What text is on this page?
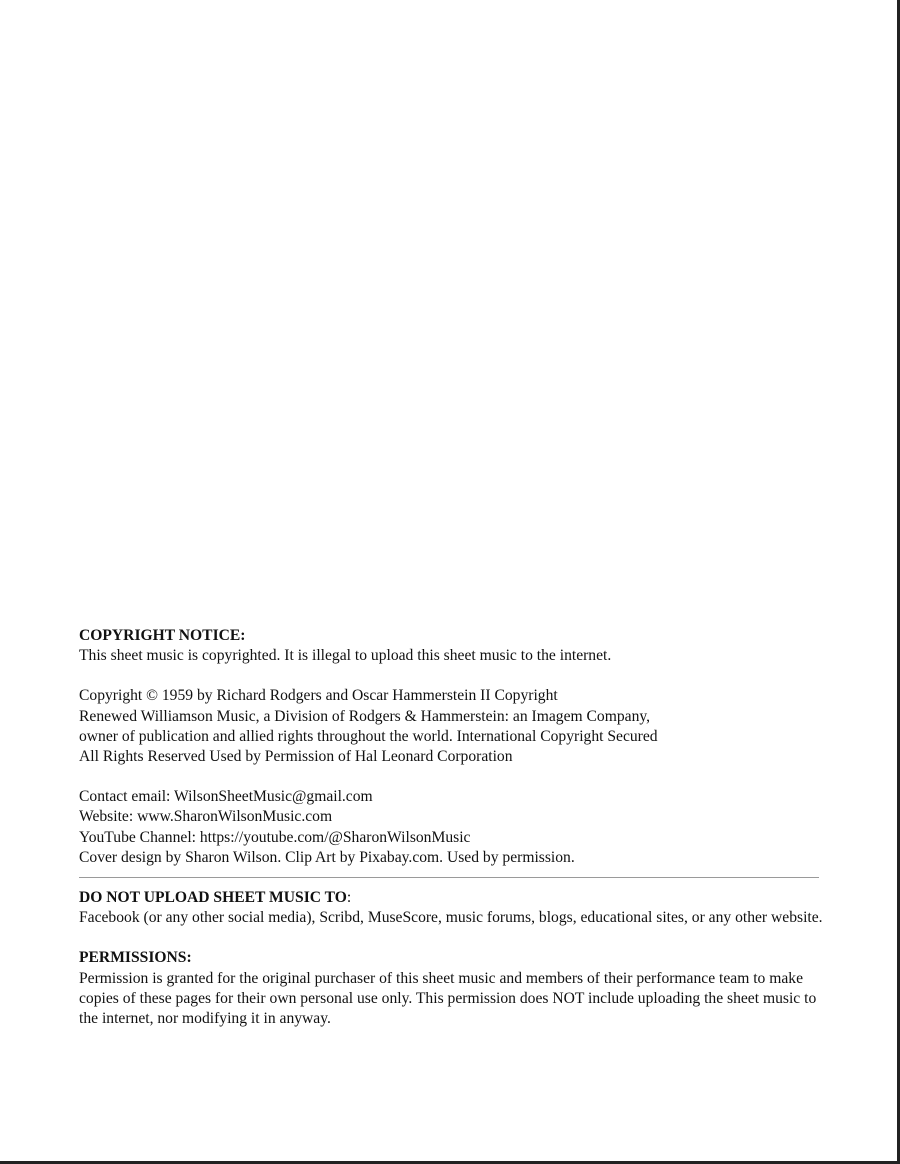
COPYRIGHT NOTICE:

This sheet music is copyrighted. It is illegal to upload this sheet music to the internet.

Copyright © 1959 by Richard Rodgers and Oscar Hammerstein II Copyright

Renewed Williamson Music, a Division of Rodgers & Hammerstein: an Imagem Company,

owner of publication and allied rights throughout the world. International Copyright Secured

All Rights Reserved Used by Permission of Hal Leonard Corporation

Contact email: WilsonSheetMusic@gmail.com

Website: www.SharonWilsonMusic.com

YouTube Channel: https://youtube.com/@SharonWilsonMusic

Cover design by Sharon Wilson. Clip Art by Pixabay.com. Used by permission.

DO NOT UPLOAD SHEET MUSIC TO:

Facebook (or any other social media), Scribd, MuseScore, music forums, blogs, educational sites, or any other website.

PERMISSIONS:

Permission is granted for the original purchaser of this sheet music and members of their performance team to make copies of these pages for their own personal use only. This permission does NOT include uploading the sheet music to the internet, nor modifying it in anyway.
